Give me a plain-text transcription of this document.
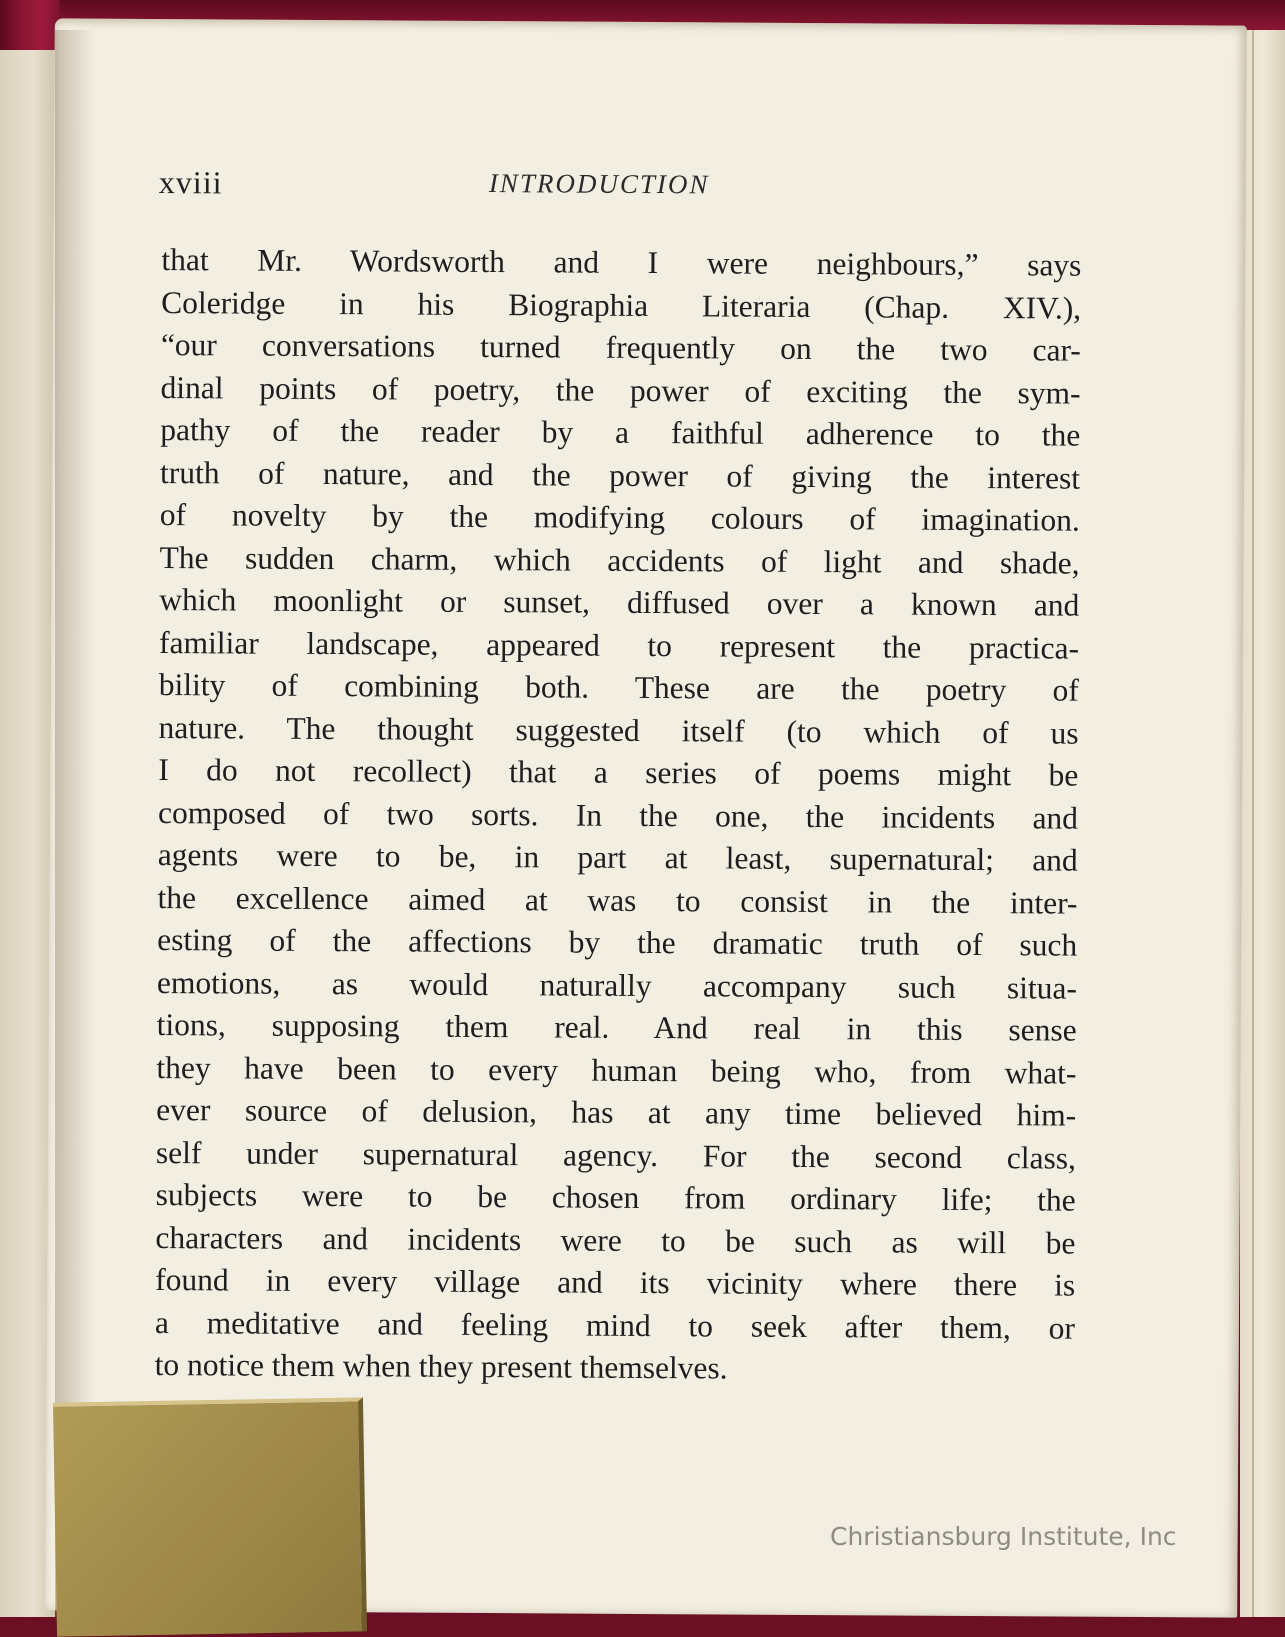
xviii	INTRODUCTION
that Mr. Wordsworth and I were neighbours,” says
Coleridge in his Biographia Literaria (Chap. XIV.),
“our conversations turned frequently on the two car-
dinal points of poetry, the power of exciting the sym-
pathy of the reader by a faithful adherence to the
truth of nature, and the power of giving the interest
of novelty by the modifying colours of imagination.
The sudden charm, which accidents of light and shade,
which moonlight or sunset, diffused over a known and
familiar landscape, appeared to represent the practica-
bility of combining both. These are the poetry of
nature. The thought suggested itself (to which of us
I do not recollect) that a series of poems might be
composed of two sorts. In the one, the incidents and
agents were to be, in part at least, supernatural; and
the excellence aimed at was to consist in the inter-
esting of the affections by the dramatic truth of such
emotions, as would naturally accompany such situa-
tions, supposing them real. And real in this sense
they have been to every human being who, from what-
ever source of delusion, has at any time believed him-
self under supernatural agency. For the second class,
subjects were to be chosen from ordinary life; the
characters and incidents were to be such as will be
found in every village and its vicinity where there is
a meditative and feeling mind to seek after them, or
to notice them when they present themselves.
Christiansburg Institute, Inc
